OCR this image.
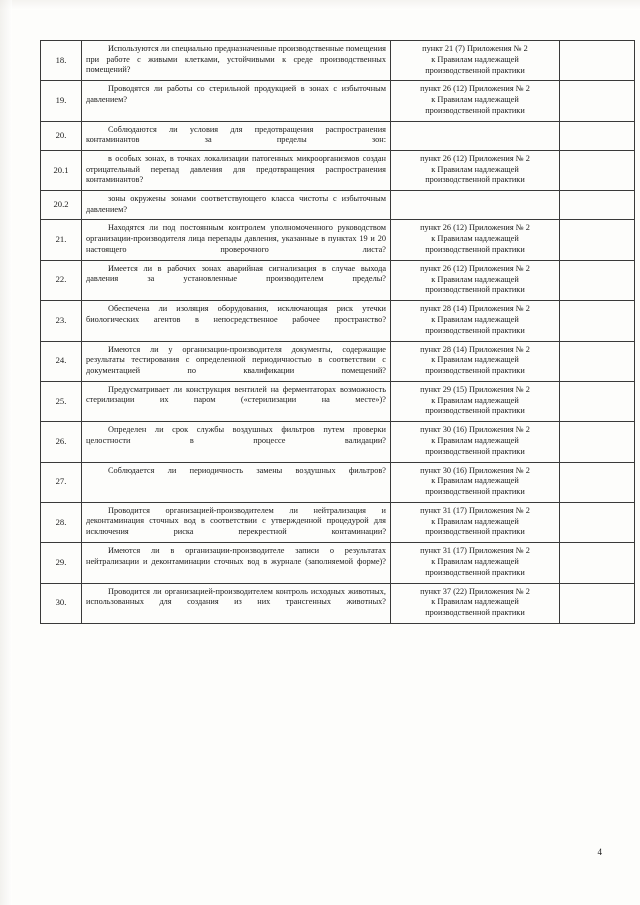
18.	Используются ли специально предназначенные производственные помещения при работе с живыми клетками, устойчивыми к среде производственных помещений?	пункт 21 (7) Приложения № 2
к Правилам надлежащей
производственной практики	

19.	Проводятся ли работы со стерильной продукцией в зонах с избыточным давлением?	пункт 26 (12) Приложения № 2
к Правилам надлежащей
производственной практики	

20.	Соблюдаются ли условия для предотвращения распространения контаминантов за пределы зон:		

20.1	в особых зонах, в точках локализации патогенных микроорганизмов создан отрицательный перепад давления для предотвращения распространения контаминантов?	пункт 26 (12) Приложения № 2
к Правилам надлежащей
производственной практики	

20.2	зоны окружены зонами соответствующего класса чистоты с избыточным давлением?		

21.	Находятся ли под постоянным контролем уполномоченного руководством организации-производителя лица перепады давления, указанные в пунктах 19 и 20 настоящего проверочного листа?	пункт 26 (12) Приложения № 2
к Правилам надлежащей
производственной практики	

22.	Имеется ли в рабочих зонах аварийная сигнализация в случае выхода давления за установленные производителем пределы?	пункт 26 (12) Приложения № 2
к Правилам надлежащей
производственной практики	

23.	Обеспечена ли изоляция оборудования, исключающая риск утечки биологических агентов в непосредственное рабочее пространство?	пункт 28 (14) Приложения № 2
к Правилам надлежащей
производственной практики	

24.	Имеются ли у организации-производителя документы, содержащие результаты тестирования с определенной периодичностью в соответствии с документацией по квалификации помещений?	пункт 28 (14) Приложения № 2
к Правилам надлежащей
производственной практики	

25.	Предусматривает ли конструкция вентилей на ферментаторах возможность стерилизации их паром («стерилизации на месте»)?	пункт 29 (15) Приложения № 2
к Правилам надлежащей
производственной практики	

26.	Определен ли срок службы воздушных фильтров путем проверки целостности в процессе валидации?	пункт 30 (16) Приложения № 2
к Правилам надлежащей
производственной практики	

27.	Соблюдается ли периодичность замены воздушных фильтров?	пункт 30 (16) Приложения № 2
к Правилам надлежащей
производственной практики	

28.	Проводится организацией-производителем ли нейтрализация и деконтаминация сточных вод в соответствии с утвержденной процедурой для исключения риска перекрестной контаминации?	пункт 31 (17) Приложения № 2
к Правилам надлежащей
производственной практики	

29.	Имеются ли в организации-производителе записи о результатах нейтрализации и деконтаминации сточных вод в журнале (заполняемой форме)?	пункт 31 (17) Приложения № 2
к Правилам надлежащей
производственной практики	

30.	Проводится ли организацией-производителем контроль исходных животных, использованных для создания из них трансгенных животных?	пункт 37 (22) Приложения № 2
к Правилам надлежащей
производственной практики	

4
